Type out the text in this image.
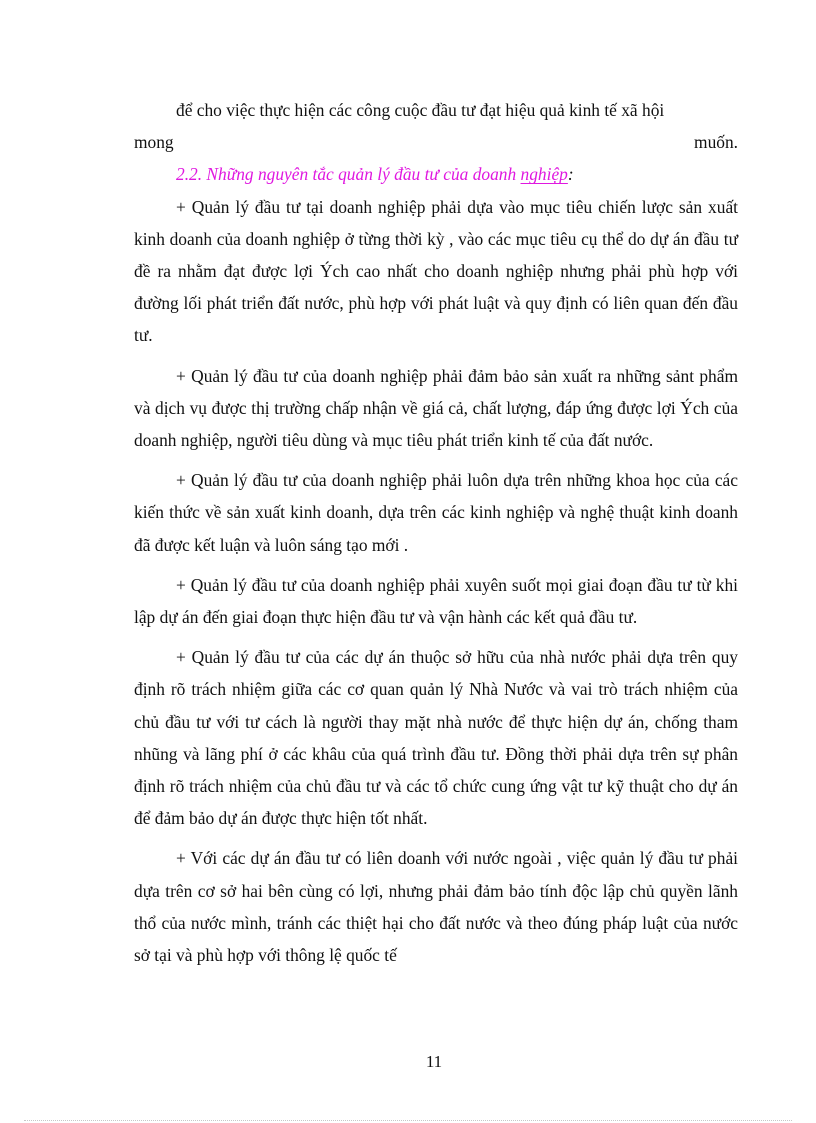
để cho việc thực hiện các công cuộc đầu tư đạt hiệu quả kinh tế xã hội

mong muốn.

2.2. Những nguyên tắc quản lý đầu tư của doanh nghiệp:

+ Quản lý đầu tư tại doanh nghiệp phải dựa vào mục tiêu chiến lược sản xuất kinh doanh của doanh nghiệp ở từng thời kỳ , vào các mục tiêu cụ thể do dự án đầu tư đề ra nhằm đạt được lợi Ých cao nhất cho doanh nghiệp nhưng phải phù hợp với đường lối phát triển đất nước, phù hợp với phát luật và quy định có liên quan đến đầu tư.

+ Quản lý đầu tư của doanh nghiệp phải đảm bảo sản xuất ra những sảnt phẩm và dịch vụ được thị trường chấp nhận về giá cả, chất lượng, đáp ứng được lợi Ých của doanh nghiệp, người tiêu dùng và mục tiêu phát triển kinh tế của đất nước.

+ Quản lý đầu tư của doanh nghiệp phải luôn dựa trên những khoa học của các kiến thức về sản xuất kinh doanh, dựa trên các kinh nghiệp và nghệ thuật kinh doanh đã được kết luận và luôn sáng tạo mới .

+ Quản lý đầu tư của doanh nghiệp phải xuyên suốt mọi giai đoạn đầu tư từ khi lập dự án đến giai đoạn thực hiện đầu tư và vận hành các kết quả đầu tư.

+ Quản lý đầu tư của các dự án thuộc sở hữu của nhà nước phải dựa trên quy định rõ trách nhiệm giữa các cơ quan quản lý Nhà Nước và vai trò trách nhiệm của chủ đầu tư với tư cách là người thay mặt nhà nước để thực hiện dự án, chống tham nhũng và lãng phí ở các khâu của quá trình đầu tư. Đồng thời phải dựa trên sự phân định rõ trách nhiệm của chủ đầu tư và các tổ chức cung ứng vật tư kỹ thuật cho dự án để đảm bảo dự án được thực hiện tốt nhất.

+ Với các dự án đầu tư có liên doanh với nước ngoài , việc quản lý đầu tư phải dựa trên cơ sở hai bên cùng có lợi, nhưng phải đảm bảo tính độc lập chủ quyền lãnh thổ của nước mình, tránh các thiệt hại cho đất nước và theo đúng pháp luật của nước sở tại và phù hợp với thông lệ quốc tế

11
